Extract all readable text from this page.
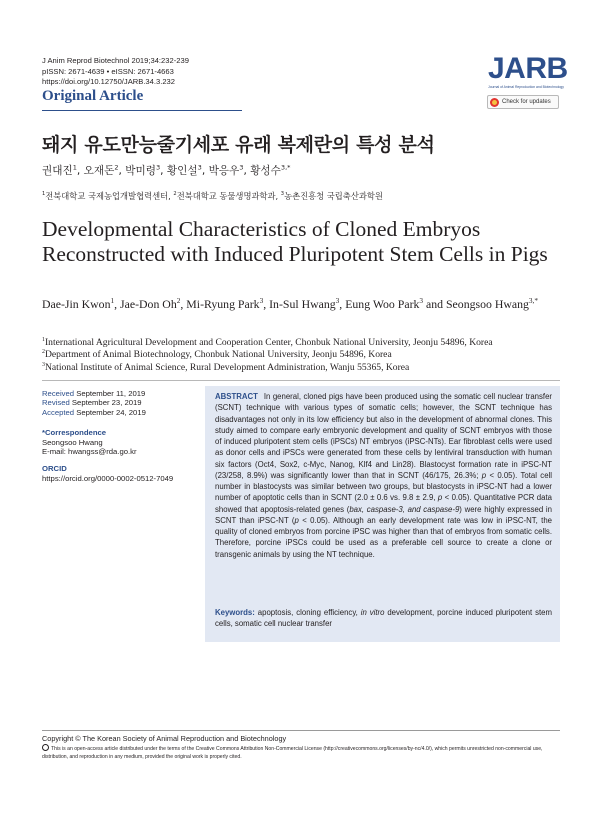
J Anim Reprod Biotechnol 2019;34:232-239
pISSN: 2671-4639 • eISSN: 2671-4663
https://doi.org/10.12750/JARB.34.3.232
Original Article
JARB
Journal of Animal Reproduction and Biotechnology
Check for updates
돼지 유도만능줄기세포 유래 복제란의 특성 분석
권대진$^1$, 오재돈$^2$, 박미령$^3$, 황인설$^3$, 박응우$^3$, 황성수$^{3,*}$
$^1$전북대학교 국제농업개발협력센터, $^2$전북대학교 동물생명과학과, $^3$농촌진흥청 국립축산과학원
Developmental Characteristics of Cloned Embryos Reconstructed with Induced Pluripotent Stem Cells in Pigs
Dae-Jin Kwon$^1$, Jae-Don Oh$^2$, Mi-Ryung Park$^3$, In-Sul Hwang$^3$, Eung Woo Park$^3$ and Seongsoo Hwang$^{3,*}$
$^1$International Agricultural Development and Cooperation Center, Chonbuk National University, Jeonju 54896, Korea
$^2$Department of Animal Biotechnology, Chonbuk National University, Jeonju 54896, Korea
$^3$National Institute of Animal Science, Rural Development Administration, Wanju 55365, Korea
Received September 11, 2019
Revised September 23, 2019
Accepted September 24, 2019
*Correspondence
Seongsoo Hwang
E-mail: hwangss@rda.go.kr
ORCID
https://orcid.org/0000-0002-0512-7049
ABSTRACT In general, cloned pigs have been produced using the somatic cell nuclear transfer (SCNT) technique with various types of somatic cells; however, the SCNT technique has disadvantages not only in its low efficiency but also in the development of abnormal clones. This study aimed to compare early embryonic development and quality of SCNT embryos with those of induced pluripotent stem cells (iPSCs) NT embryos (iPSC-NTs). Ear fibroblast cells were used as donor cells and iPSCs were generated from these cells by lentiviral transduction with human six factors (Oct4, Sox2, c-Myc, Nanog, Klf4 and Lin28). Blastocyst formation rate in iPSC-NT (23/258, 8.9%) was significantly lower than that in SCNT (46/175, 26.3%; p < 0.05). Total cell number in blastocysts was similar between two groups, but blastocysts in iPSC-NT had a lower number of apoptotic cells than in SCNT (2.0 ± 0.6 vs. 9.8 ± 2.9, p < 0.05). Quantitative PCR data showed that apoptosis-related genes (bax, caspase-3, and caspase-9) were highly expressed in SCNT than iPSC-NT (p < 0.05). Although an early development rate was low in iPSC-NT, the quality of cloned embryos from porcine iPSC was higher than that of embryos from somatic cells. Therefore, porcine iPSCs could be used as a preferable cell source to create a clone or transgenic animals by using the NT technique.
Keywords: apoptosis, cloning efficiency, in vitro development, porcine induced pluripotent stem cells, somatic cell nuclear transfer
Copyright © The Korean Society of Animal Reproduction and Biotechnology
This is an open-access article distributed under the terms of the Creative Commons Attribution Non-Commercial License (http://creativecommons.org/licenses/by-nc/4.0/), which permits unrestricted non-commercial use, distribution, and reproduction in any medium, provided the original work is properly cited.
